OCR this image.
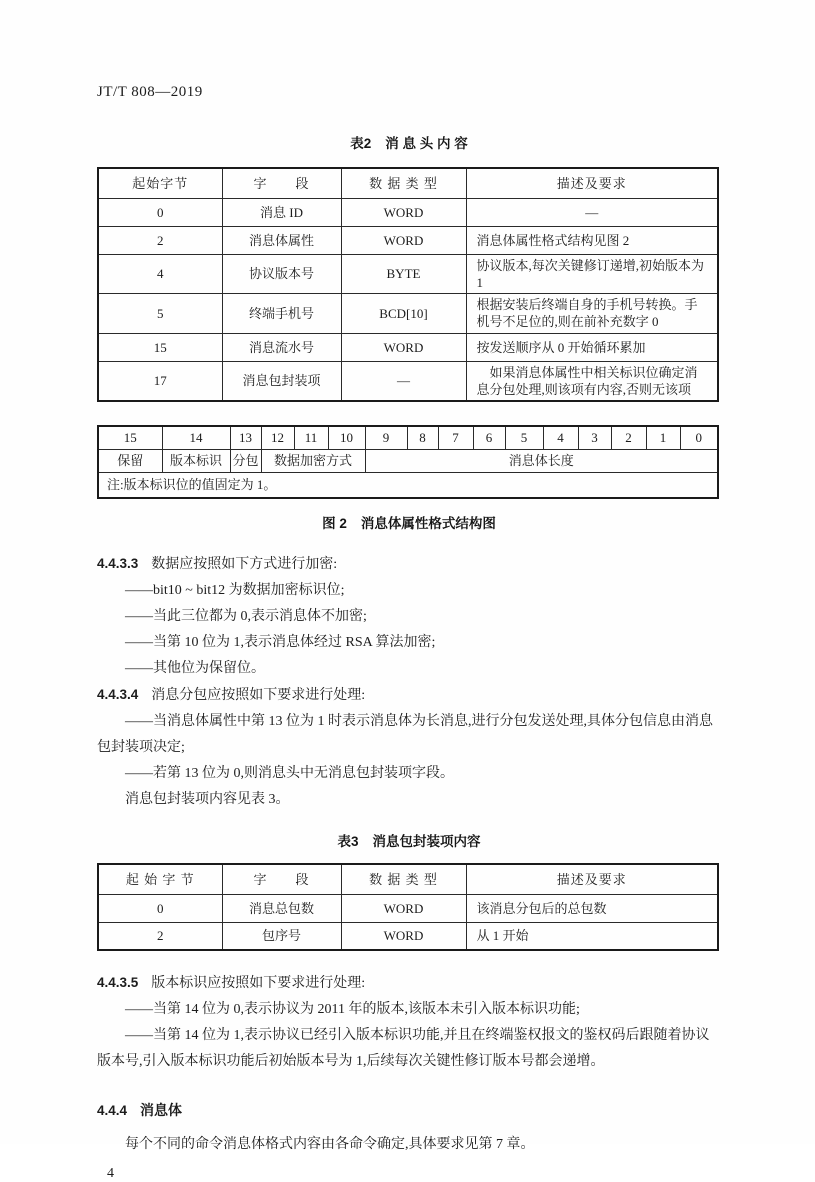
JT/T 808—2019
表2 消 息 头 内 容
起始字节	字　　段	数 据 类 型	描述及要求
0	消息 ID	WORD	—
2	消息体属性	WORD	消息体属性格式结构见图 2
4	协议版本号	BYTE	协议版本,每次关键修订递增,初始版本为 1
5	终端手机号	BCD[10]	根据安装后终端自身的手机号转换。手机号不足位的,则在前补充数字 0
15	消息流水号	WORD	按发送顺序从 0 开始循环累加
17	消息包封装项	—	如果消息体属性中相关标识位确定消息分包处理,则该项有内容,否则无该项
15	14	13	12	11	10	9	8	7	6	5	4	3	2	1	0
保留	版本标识	分包	数据加密方式			消息体长度									
注:版本标识位的值固定为 1。															
图 2 消息体属性格式结构图

4.4.3.3 数据应按照如下方式进行加密:

——bit10 ~ bit12 为数据加密标识位;

——当此三位都为 0,表示消息体不加密;

——当第 10 位为 1,表示消息体经过 RSA 算法加密;

——其他位为保留位。

4.4.3.4 消息分包应按照如下要求进行处理:

——当消息体属性中第 13 位为 1 时表示消息体为长消息,进行分包发送处理,具体分包信息由消息包封装项决定;

——若第 13 位为 0,则消息头中无消息包封装项字段。

消息包封装项内容见表 3。

表3 消息包封装项内容
起 始 字 节	字　　段	数 据 类 型	描述及要求
0	消息总包数	WORD	该消息分包后的总包数
2	包序号	WORD	从 1 开始

4.4.3.5 版本标识应按照如下要求进行处理:

——当第 14 位为 0,表示协议为 2011 年的版本,该版本未引入版本标识功能;

——当第 14 位为 1,表示协议已经引入版本标识功能,并且在终端鉴权报文的鉴权码后跟随着协议版本号,引入版本标识功能后初始版本号为 1,后续每次关键性修订版本号都会递增。

4.4.4 消息体

每个不同的命令消息体格式内容由各命令确定,具体要求见第 7 章。

4
